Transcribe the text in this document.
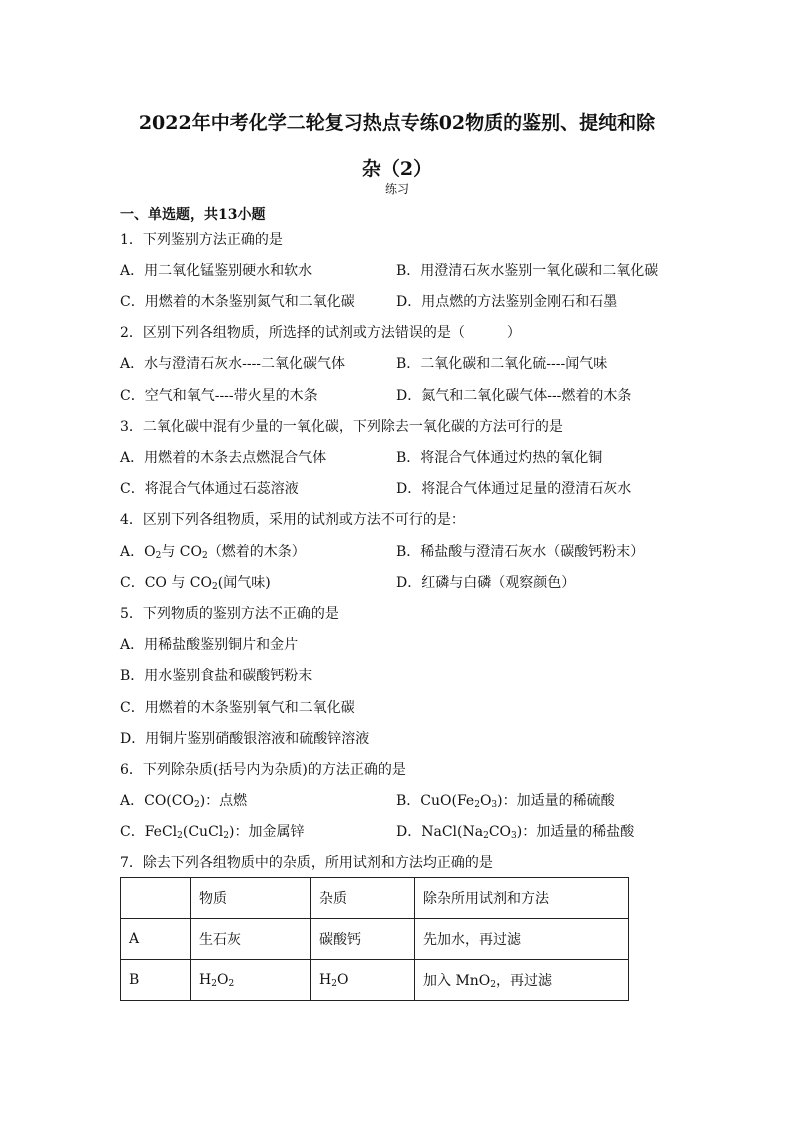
2022年中考化学二轮复习热点专练02物质的鉴别、提纯和除
杂（2）
练习
一、单选题，共13小题
1．下列鉴别方法正确的是
A．用二氧化锰鉴别硬水和软水	B．用澄清石灰水鉴别一氧化碳和二氧化碳
C．用燃着的木条鉴别氮气和二氧化碳	D．用点燃的方法鉴别金刚石和石墨
2．区别下列各组物质，所选择的试剂或方法错误的是（　　　）
A．水与澄清石灰水----二氧化碳气体	B．二氧化碳和二氧化硫----闻气味
C．空气和氧气----带火星的木条	D．氮气和二氧化碳气体---燃着的木条
3．二氧化碳中混有少量的一氧化碳，下列除去一氧化碳的方法可行的是
A．用燃着的木条去点燃混合气体	B．将混合气体通过灼热的氧化铜
C．将混合气体通过石蕊溶液	D．将混合气体通过足量的澄清石灰水
4．区别下列各组物质，采用的试剂或方法不可行的是：
A．$O_2$与 $CO_2$（燃着的木条）	B．稀盐酸与澄清石灰水（碳酸钙粉末）
C．CO 与 $CO_2$(闻气味)	D．红磷与白磷（观察颜色）
5．下列物质的鉴别方法不正确的是
A．用稀盐酸鉴别铜片和金片
B．用水鉴别食盐和碳酸钙粉末
C．用燃着的木条鉴别氧气和二氧化碳
D．用铜片鉴别硝酸银溶液和硫酸锌溶液
6．下列除杂质(括号内为杂质)的方法正确的是
A．$CO(CO_2)$：点燃	B．$CuO(Fe_2O_3)$：加适量的稀硫酸
C．FeCl$_2$(CuCl$_2$)：加金属锌	D．$NaCl(Na_2CO_3)$：加适量的稀盐酸
7．除去下列各组物质中的杂质，所用试剂和方法均正确的是
	物质	杂质	除杂所用试剂和方法
A	生石灰	碳酸钙	先加水，再过滤
B	$H_2O_2$	$H_2O$	加入 MnO$_2$，再过滤
